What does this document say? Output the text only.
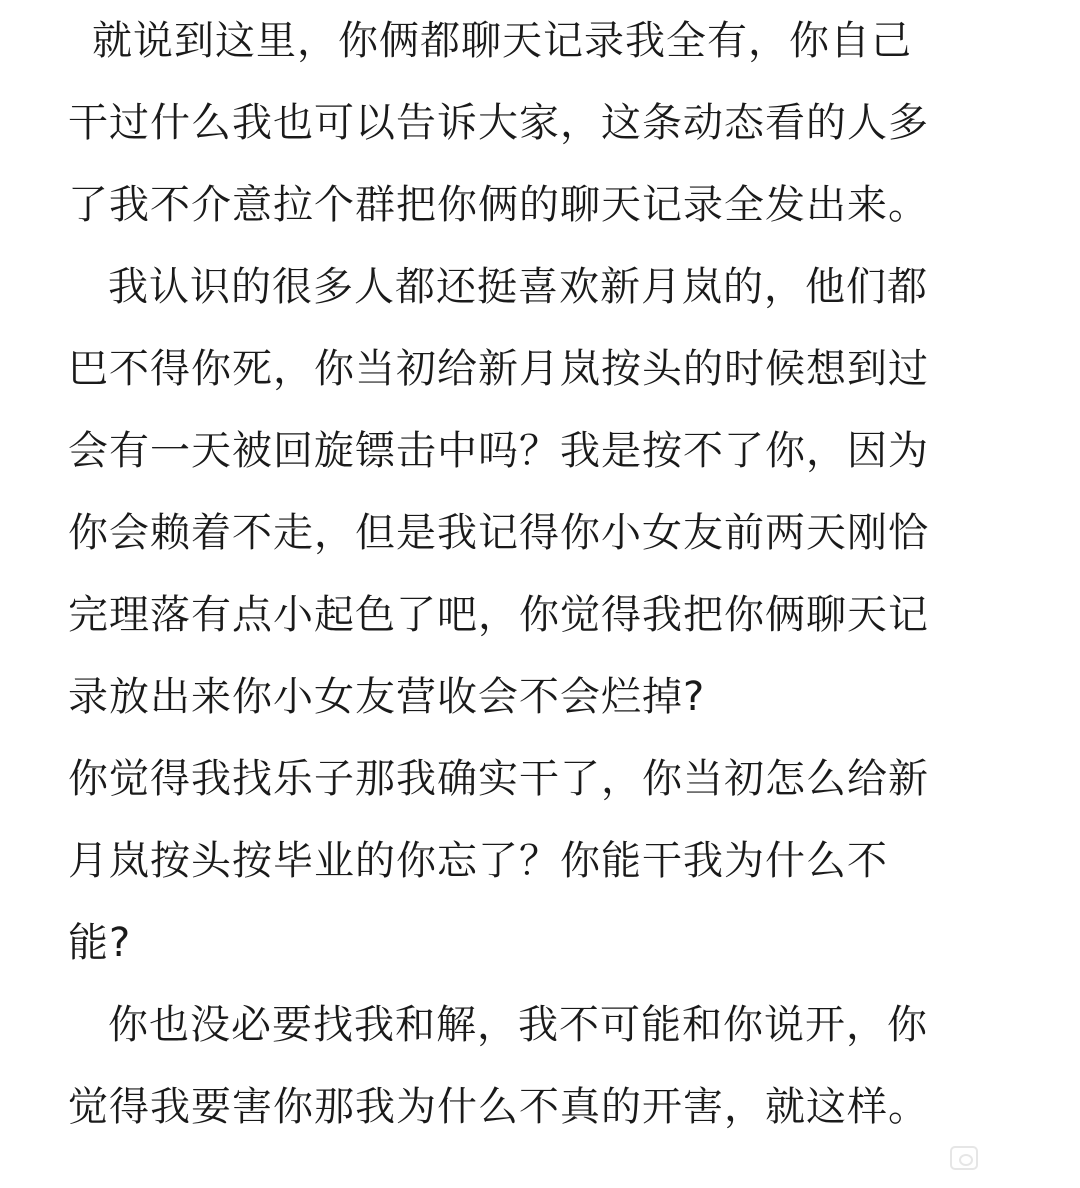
就说到这里，你俩都聊天记录我全有，你自己
干过什么我也可以告诉大家，这条动态看的人多
了我不介意拉个群把你俩的聊天记录全发出来。
我认识的很多人都还挺喜欢新月岚的，他们都
巴不得你死，你当初给新月岚按头的时候想到过
会有一天被回旋镖击中吗？我是按不了你，因为
你会赖着不走，但是我记得你小女友前两天刚恰
完理落有点小起色了吧，你觉得我把你俩聊天记
录放出来你小女友营收会不会烂掉?
你觉得我找乐子那我确实干了，你当初怎么给新
月岚按头按毕业的你忘了？你能干我为什么不
能?
你也没必要找我和解，我不可能和你说开，你
觉得我要害你那我为什么不真的开害，就这样。
